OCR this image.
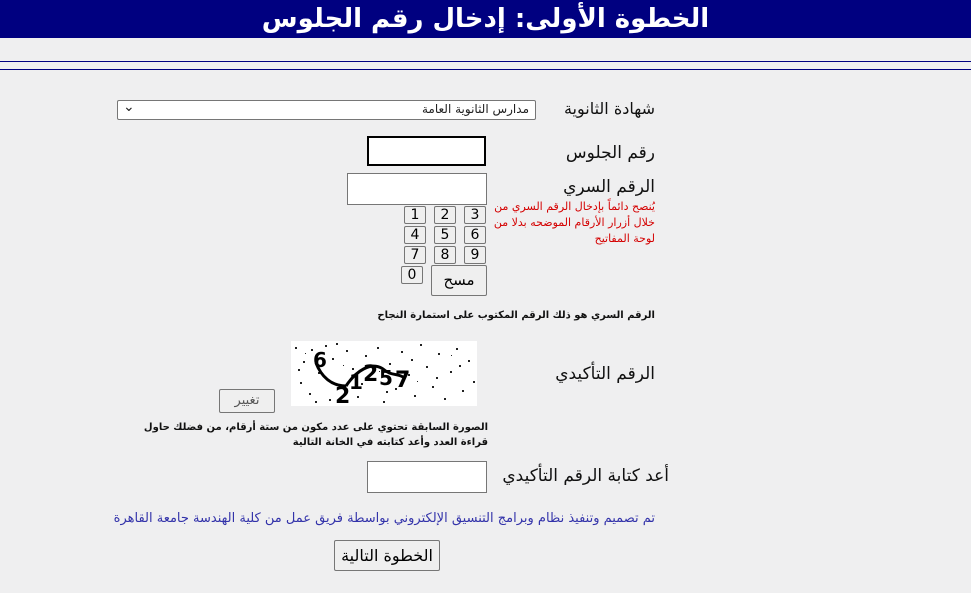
الخطوة الأولى: إدخال رقم الجلوس
شهادة الثانوية
مدارس الثانوية العامة
⌄
رقم الجلوس
الرقم السري
يُنصح دائماً بإدخال الرقم السري من خلال أزرار الأرقام الموضحه بدلا من لوحة المفاتيح
1	2	3
4	5	6
7	8	9
0	مسح
الرقم السري هو ذلك الرقم المكتوب على استمارة النجاح
الرقم التأكيدي
6
2
1 2 5 7
تغيير
الصورة السابقة تحتوي على عدد مكون من ستة أرقام، من فضلك حاول قراءة العدد وأعد كتابته في الخانة التالية
أعد كتابة الرقم التأكيدي
تم تصميم وتنفيذ نظام وبرامج التنسيق الإلكتروني بواسطة فريق عمل من كلية الهندسة جامعة القاهرة
الخطوة التالية
